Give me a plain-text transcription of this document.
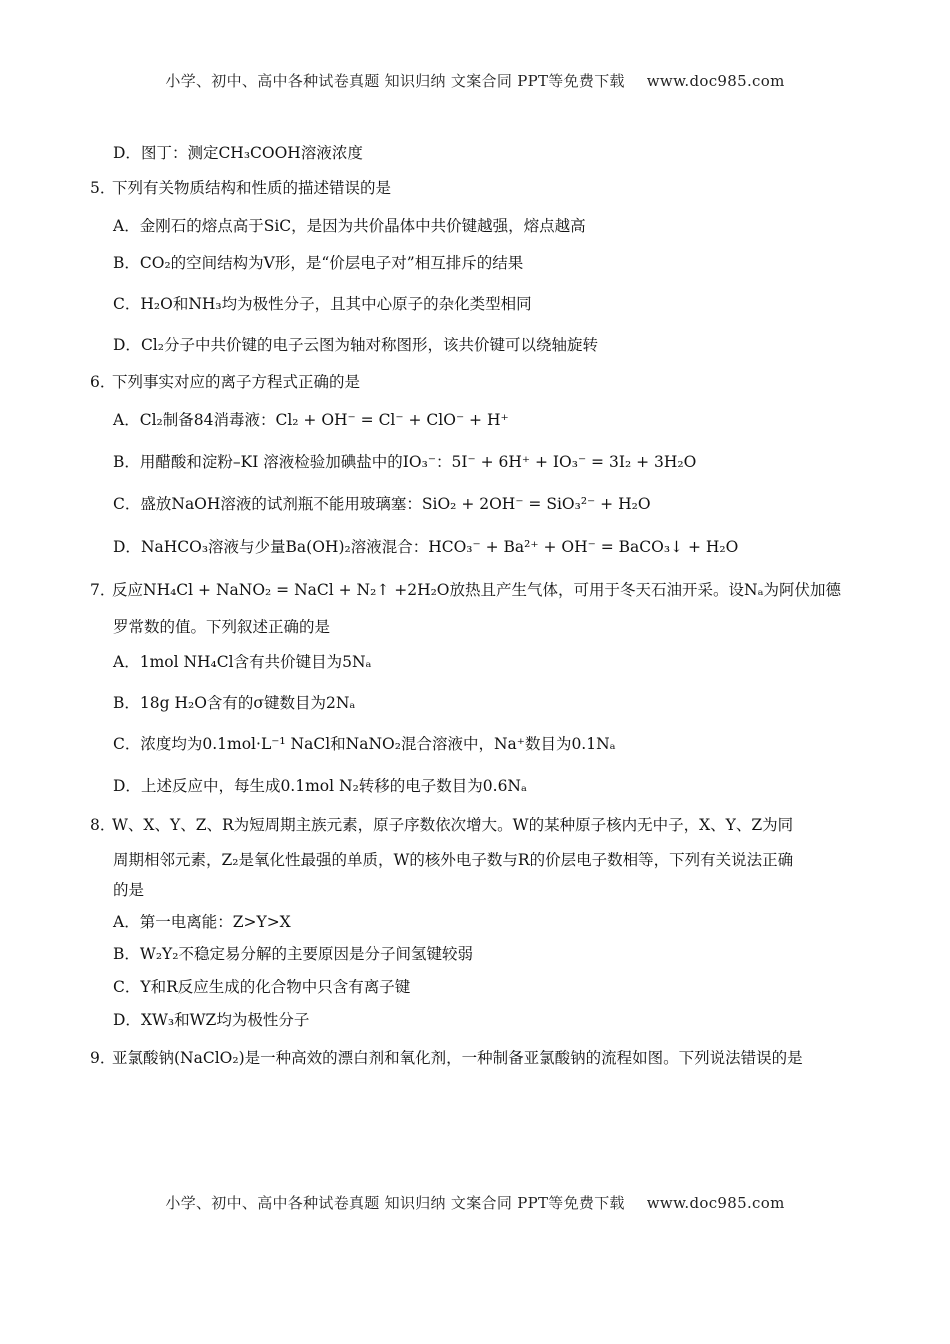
小学、初中、高中各种试卷真题 知识归纳 文案合同 PPT等免费下载 www.doc985.com
D．图丁：测定CH₃COOH溶液浓度
5．下列有关物质结构和性质的描述错误的是
A．金刚石的熔点高于SiC，是因为共价晶体中共价键越强，熔点越高
B．CO₂的空间结构为V形，是“价层电子对”相互排斥的结果
C．H₂O和NH₃均为极性分子，且其中心原子的杂化类型相同
D．Cl₂分子中共价键的电子云图为轴对称图形，该共价键可以绕轴旋转
6．下列事实对应的离子方程式正确的是
A．Cl₂制备84消毒液：Cl₂ + OH⁻ = Cl⁻ + ClO⁻ + H⁺
B．用醋酸和淀粉–KI 溶液检验加碘盐中的IO₃⁻：5I⁻ + 6H⁺ + IO₃⁻ = 3I₂ + 3H₂O
C．盛放NaOH溶液的试剂瓶不能用玻璃塞：SiO₂ + 2OH⁻ = SiO₃²⁻ + H₂O
D．NaHCO₃溶液与少量Ba(OH)₂溶液混合：HCO₃⁻ + Ba²⁺ + OH⁻ = BaCO₃↓ + H₂O
7．反应NH₄Cl + NaNO₂ = NaCl + N₂↑ +2H₂O放热且产生气体，可用于冬天石油开采。设Nₐ为阿伏加德
罗常数的值。下列叙述正确的是
A．1mol NH₄Cl含有共价键目为5Nₐ
B．18g H₂O含有的σ键数目为2Nₐ
C．浓度均为0.1mol·L⁻¹ NaCl和NaNO₂混合溶液中，Na⁺数目为0.1Nₐ
D．上述反应中，每生成0.1mol N₂转移的电子数目为0.6Nₐ
8．W、X、Y、Z、R为短周期主族元素，原子序数依次增大。W的某种原子核内无中子，X、Y、Z为同
周期相邻元素，Z₂是氧化性最强的单质，W的核外电子数与R的价层电子数相等，下列有关说法正确
的是
A．第一电离能：Z>Y>X
B．W₂Y₂不稳定易分解的主要原因是分子间氢键较弱
C．Y和R反应生成的化合物中只含有离子键
D．XW₃和WZ均为极性分子
9．亚氯酸钠(NaClO₂)是一种高效的漂白剂和氧化剂，一种制备亚氯酸钠的流程如图。下列说法错误的是
小学、初中、高中各种试卷真题 知识归纳 文案合同 PPT等免费下载 www.doc985.com
